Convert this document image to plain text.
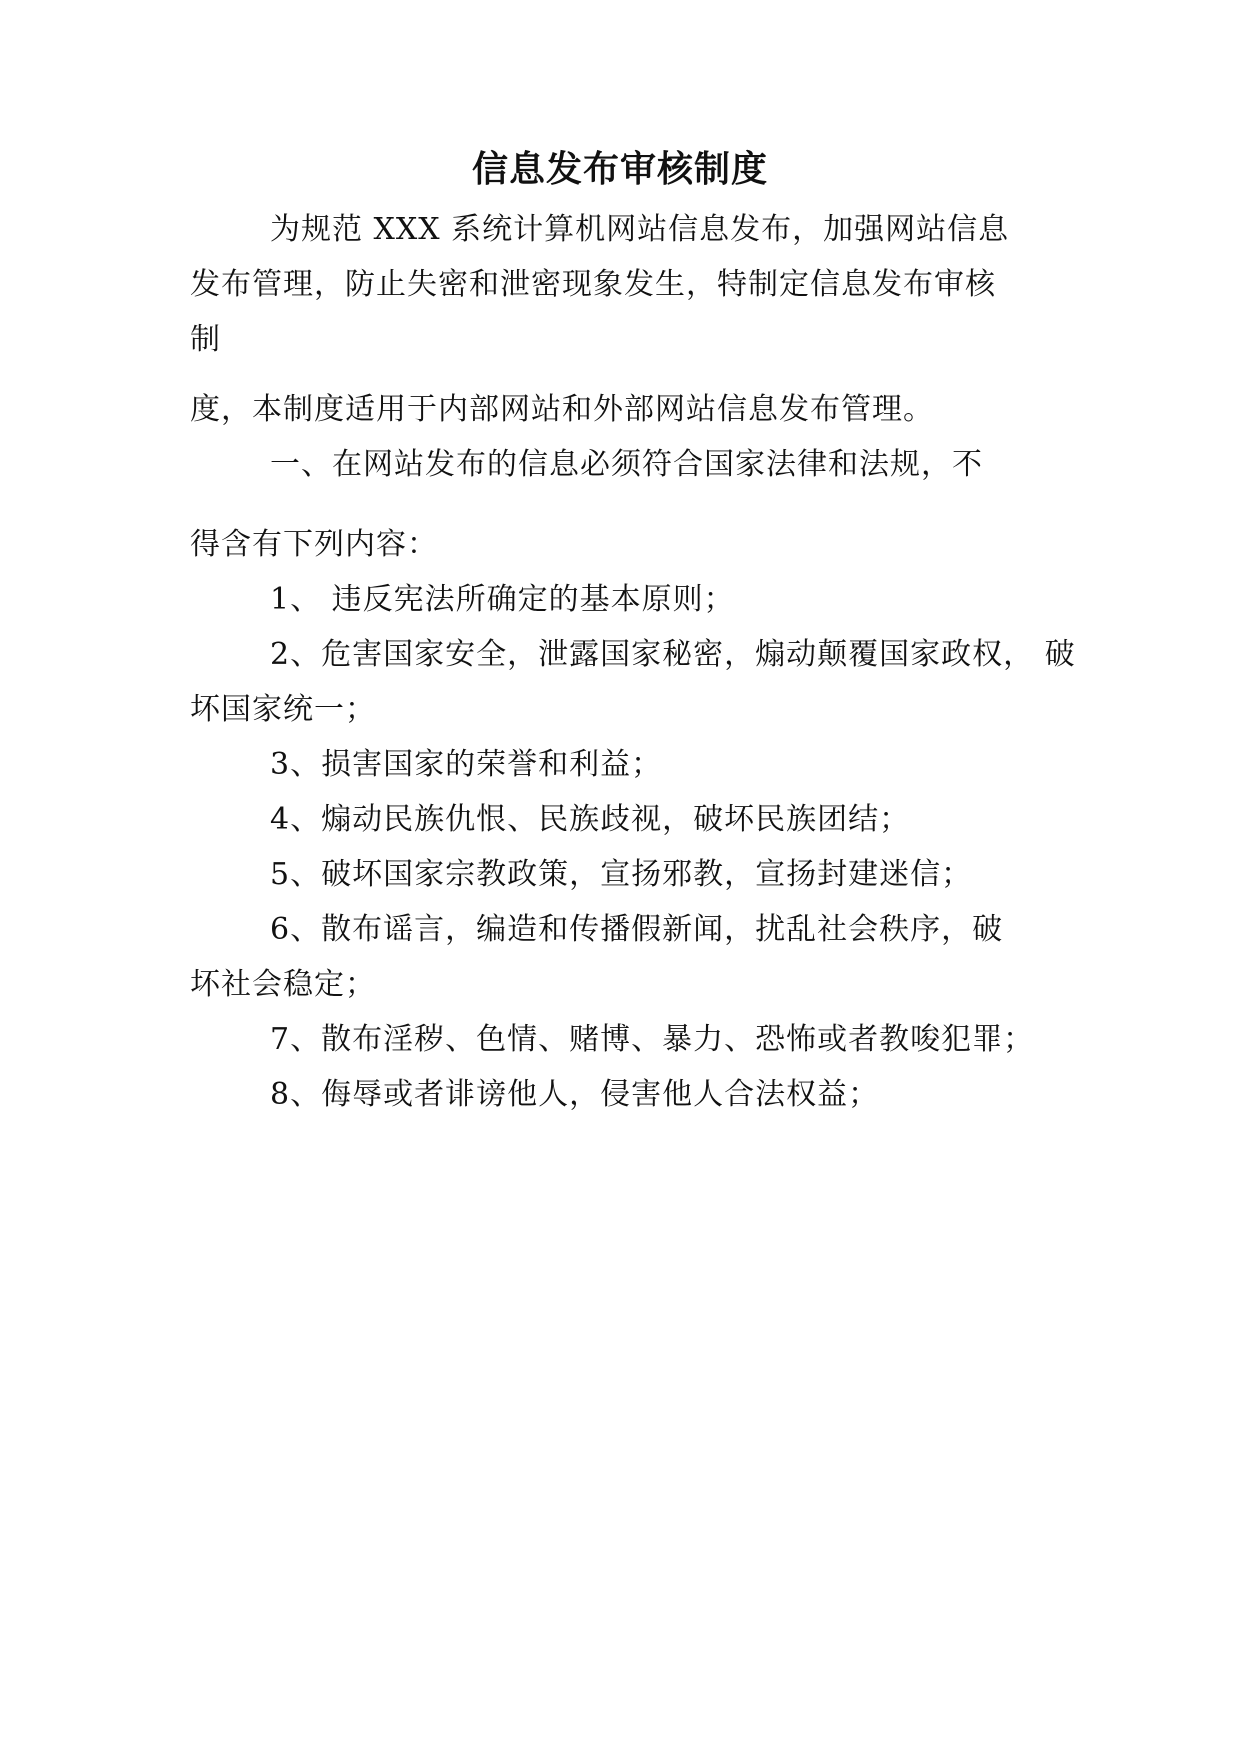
信息发布审核制度

为规范 XXX 系统计算机网站信息发布，加强网站信息

发布管理，防止失密和泄密现象发生，特制定信息发布审核

制

度，本制度适用于内部网站和外部网站信息发布管理。

一、在网站发布的信息必须符合国家法律和法规，不

得含有下列内容：

1、 违反宪法所确定的基本原则；

2、危害国家安全，泄露国家秘密，煽动颠覆国家政权， 破

坏国家统一；

3、损害国家的荣誉和利益；

4、煽动民族仇恨、民族歧视，破坏民族团结；

5、破坏国家宗教政策，宣扬邪教，宣扬封建迷信；

6、散布谣言，编造和传播假新闻，扰乱社会秩序，破

坏社会稳定；

7、散布淫秽、色情、赌博、暴力、恐怖或者教唆犯罪；

8、侮辱或者诽谤他人，侵害他人合法权益；
